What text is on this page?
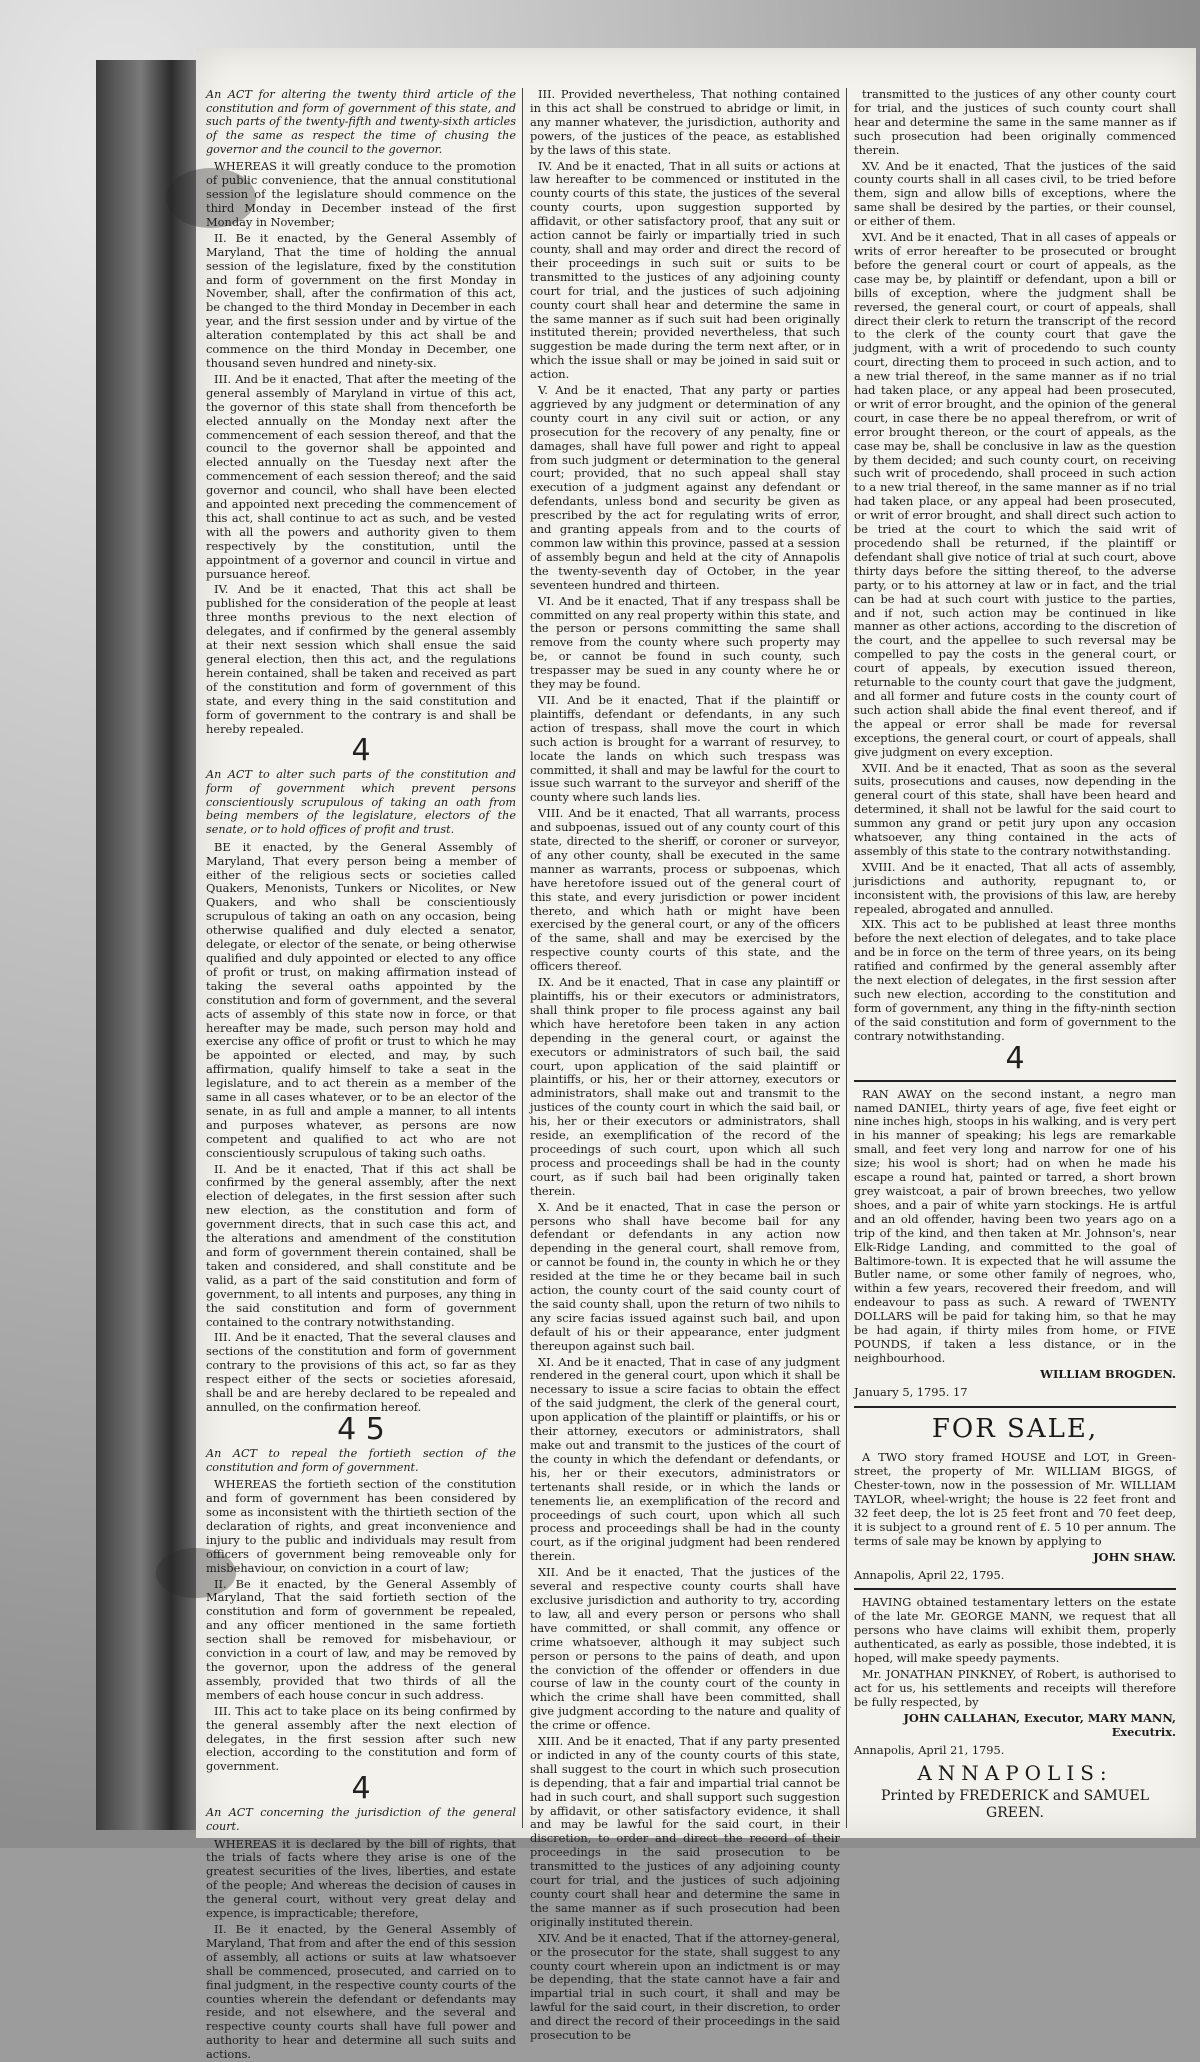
An ACT for altering the twenty third article of the constitution and form of government of this state, and such parts of the twenty-fifth and twenty-sixth articles of the same as respect the time of chusing the governor and the council to the governor.
WHEREAS it will greatly conduce to the promotion of public convenience, that the annual constitutional session of the legislature should commence on the third Monday in December instead of the first Monday in November;
II. Be it enacted, by the General Assembly of Maryland, That the time of holding the annual session of the legislature, fixed by the constitution and form of government on the first Monday in November, shall, after the confirmation of this act, be changed to the third Monday in December in each year, and the first session under and by virtue of the alteration contemplated by this act shall be and commence on the third Monday in December, one thousand seven hundred and ninety-six.
III. And be it enacted, That after the meeting of the general assembly of Maryland in virtue of this act, the governor of this state shall from thenceforth be elected annually on the Monday next after the commencement of each session thereof, and that the council to the governor shall be appointed and elected annually on the Tuesday next after the commencement of each session thereof; and the said governor and council, who shall have been elected and appointed next preceding the commencement of this act, shall continue to act as such, and be vested with all the powers and authority given to them respectively by the constitution, until the appointment of a governor and council in virtue and pursuance hereof.
IV. And be it enacted, That this act shall be published for the consideration of the people at least three months previous to the next election of delegates, and if confirmed by the general assembly at their next session which shall ensue the said general election, then this act, and the regulations herein contained, shall be taken and received as part of the constitution and form of government of this state, and every thing in the said constitution and form of government to the contrary is and shall be hereby repealed.
4
An ACT to alter such parts of the constitution and form of government which prevent persons conscientiously scrupulous of taking an oath from being members of the legislature, electors of the senate, or to hold offices of profit and trust.
BE it enacted, by the General Assembly of Maryland, That every person being a member of either of the religious sects or societies called Quakers, Menonists, Tunkers or Nicolites, or New Quakers, and who shall be conscientiously scrupulous of taking an oath on any occasion, being otherwise qualified and duly elected a senator, delegate, or elector of the senate, or being otherwise qualified and duly appointed or elected to any office of profit or trust, on making affirmation instead of taking the several oaths appointed by the constitution and form of government, and the several acts of assembly of this state now in force, or that hereafter may be made, such person may hold and exercise any office of profit or trust to which he may be appointed or elected, and may, by such affirmation, qualify himself to take a seat in the legislature, and to act therein as a member of the same in all cases whatever, or to be an elector of the senate, in as full and ample a manner, to all intents and purposes whatever, as persons are now competent and qualified to act who are not conscientiously scrupulous of taking such oaths.
II. And be it enacted, That if this act shall be confirmed by the general assembly, after the next election of delegates, in the first session after such new election, as the constitution and form of government directs, that in such case this act, and the alterations and amendment of the constitution and form of government therein contained, shall be taken and considered, and shall constitute and be valid, as a part of the said constitution and form of government, to all intents and purposes, any thing in the said constitution and form of government contained to the contrary notwithstanding.
III. And be it enacted, That the several clauses and sections of the constitution and form of government contrary to the provisions of this act, so far as they respect either of the sects or societies aforesaid, shall be and are hereby declared to be repealed and annulled, on the confirmation hereof.
4 5
An ACT to repeal the fortieth section of the constitution and form of government.
WHEREAS the fortieth section of the constitution and form of government has been considered by some as inconsistent with the thirtieth section of the declaration of rights, and great inconvenience and injury to the public and individuals may result from officers of government being removeable only for misbehaviour, on conviction in a court of law;
II. Be it enacted, by the General Assembly of Maryland, That the said fortieth section of the constitution and form of government be repealed, and any officer mentioned in the same fortieth section shall be removed for misbehaviour, or conviction in a court of law, and may be removed by the governor, upon the address of the general assembly, provided that two thirds of all the members of each house concur in such address.
III. This act to take place on its being confirmed by the general assembly after the next election of delegates, in the first session after such new election, according to the constitution and form of government.
4
An ACT concerning the jurisdiction of the general court.
WHEREAS it is declared by the bill of rights, that the trials of facts where they arise is one of the greatest securities of the lives, liberties, and estate of the people; And whereas the decision of causes in the general court, without very great delay and expence, is impracticable; therefore,
II. Be it enacted, by the General Assembly of Maryland, That from and after the end of this session of assembly, all actions or suits at law whatsoever shall be commenced, prosecuted, and carried on to final judgment, in the respective county courts of the counties wherein the defendant or defendants may reside, and not elsewhere, and the several and respective county courts shall have full power and authority to hear and determine all such suits and actions.
III. Provided nevertheless, That nothing contained in this act shall be construed to abridge or limit, in any manner whatever, the jurisdiction, authority and powers, of the justices of the peace, as established by the laws of this state.
IV. And be it enacted, That in all suits or actions at law hereafter to be commenced or instituted in the county courts of this state, the justices of the several county courts, upon suggestion supported by affidavit, or other satisfactory proof, that any suit or action cannot be fairly or impartially tried in such county, shall and may order and direct the record of their proceedings in such suit or suits to be transmitted to the justices of any adjoining county court for trial, and the justices of such adjoining county court shall hear and determine the same in the same manner as if such suit had been originally instituted therein; provided nevertheless, that such suggestion be made during the term next after, or in which the issue shall or may be joined in said suit or action.
V. And be it enacted, That any party or parties aggrieved by any judgment or determination of any county court in any civil suit or action, or any prosecution for the recovery of any penalty, fine or damages, shall have full power and right to appeal from such judgment or determination to the general court; provided, that no such appeal shall stay execution of a judgment against any defendant or defendants, unless bond and security be given as prescribed by the act for regulating writs of error, and granting appeals from and to the courts of common law within this province, passed at a session of assembly begun and held at the city of Annapolis the twenty-seventh day of October, in the year seventeen hundred and thirteen.
VI. And be it enacted, That if any trespass shall be committed on any real property within this state, and the person or persons committing the same shall remove from the county where such property may be, or cannot be found in such county, such trespasser may be sued in any county where he or they may be found.
VII. And be it enacted, That if the plaintiff or plaintiffs, defendant or defendants, in any such action of trespass, shall move the court in which such action is brought for a warrant of resurvey, to locate the lands on which such trespass was committed, it shall and may be lawful for the court to issue such warrant to the surveyor and sheriff of the county where such lands lies.
VIII. And be it enacted, That all warrants, process and subpoenas, issued out of any county court of this state, directed to the sheriff, or coroner or surveyor, of any other county, shall be executed in the same manner as warrants, process or subpoenas, which have heretofore issued out of the general court of this state, and every jurisdiction or power incident thereto, and which hath or might have been exercised by the general court, or any of the officers of the same, shall and may be exercised by the respective county courts of this state, and the officers thereof.
IX. And be it enacted, That in case any plaintiff or plaintiffs, his or their executors or administrators, shall think proper to file process against any bail which have heretofore been taken in any action depending in the general court, or against the executors or administrators of such bail, the said court, upon application of the said plaintiff or plaintiffs, or his, her or their attorney, executors or administrators, shall make out and transmit to the justices of the county court in which the said bail, or his, her or their executors or administrators, shall reside, an exemplification of the record of the proceedings of such court, upon which all such process and proceedings shall be had in the county court, as if such bail had been originally taken therein.
X. And be it enacted, That in case the person or persons who shall have become bail for any defendant or defendants in any action now depending in the general court, shall remove from, or cannot be found in, the county in which he or they resided at the time he or they became bail in such action, the county court of the said county court of the said county shall, upon the return of two nihils to any scire facias issued against such bail, and upon default of his or their appearance, enter judgment thereupon against such bail.
XI. And be it enacted, That in case of any judgment rendered in the general court, upon which it shall be necessary to issue a scire facias to obtain the effect of the said judgment, the clerk of the general court, upon application of the plaintiff or plaintiffs, or his or their attorney, executors or administrators, shall make out and transmit to the justices of the court of the county in which the defendant or defendants, or his, her or their executors, administrators or tertenants shall reside, or in which the lands or tenements lie, an exemplification of the record and proceedings of such court, upon which all such process and proceedings shall be had in the county court, as if the original judgment had been rendered therein.
XII. And be it enacted, That the justices of the several and respective county courts shall have exclusive jurisdiction and authority to try, according to law, all and every person or persons who shall have committed, or shall commit, any offence or crime whatsoever, although it may subject such person or persons to the pains of death, and upon the conviction of the offender or offenders in due course of law in the county court of the county in which the crime shall have been committed, shall give judgment according to the nature and quality of the crime or offence.
XIII. And be it enacted, That if any party presented or indicted in any of the county courts of this state, shall suggest to the court in which such prosecution is depending, that a fair and impartial trial cannot be had in such court, and shall support such suggestion by affidavit, or other satisfactory evidence, it shall and may be lawful for the said court, in their discretion, to order and direct the record of their proceedings in the said prosecution to be transmitted to the justices of any adjoining county court for trial, and the justices of such adjoining county court shall hear and determine the same in the same manner as if such prosecution had been originally instituted therein.
XIV. And be it enacted, That if the attorney-general, or the prosecutor for the state, shall suggest to any county court wherein upon an indictment is or may be depending, that the state cannot have a fair and impartial trial in such court, it shall and may be lawful for the said court, in their discretion, to order and direct the record of their proceedings in the said prosecution to be
transmitted to the justices of any other county court for trial, and the justices of such county court shall hear and determine the same in the same manner as if such prosecution had been originally commenced therein.
XV. And be it enacted, That the justices of the said county courts shall in all cases civil, to be tried before them, sign and allow bills of exceptions, where the same shall be desired by the parties, or their counsel, or either of them.
XVI. And be it enacted, That in all cases of appeals or writs of error hereafter to be prosecuted or brought before the general court or court of appeals, as the case may be, by plaintiff or defendant, upon a bill or bills of exception, where the judgment shall be reversed, the general court, or court of appeals, shall direct their clerk to return the transcript of the record to the clerk of the county court that gave the judgment, with a writ of procedendo to such county court, directing them to proceed in such action, and to a new trial thereof, in the same manner as if no trial had taken place, or any appeal had been prosecuted, or writ of error brought, and the opinion of the general court, in case there be no appeal therefrom, or writ of error brought thereon, or the court of appeals, as the case may be, shall be conclusive in law as the question by them decided; and such county court, on receiving such writ of procedendo, shall proceed in such action to a new trial thereof, in the same manner as if no trial had taken place, or any appeal had been prosecuted, or writ of error brought, and shall direct such action to be tried at the court to which the said writ of procedendo shall be returned, if the plaintiff or defendant shall give notice of trial at such court, above thirty days before the sitting thereof, to the adverse party, or to his attorney at law or in fact, and the trial can be had at such court with justice to the parties, and if not, such action may be continued in like manner as other actions, according to the discretion of the court, and the appellee to such reversal may be compelled to pay the costs in the general court, or court of appeals, by execution issued thereon, returnable to the county court that gave the judgment, and all former and future costs in the county court of such action shall abide the final event thereof, and if the appeal or error shall be made for reversal exceptions, the general court, or court of appeals, shall give judgment on every exception.
XVII. And be it enacted, That as soon as the several suits, prosecutions and causes, now depending in the general court of this state, shall have been heard and determined, it shall not be lawful for the said court to summon any grand or petit jury upon any occasion whatsoever, any thing contained in the acts of assembly of this state to the contrary notwithstanding.
XVIII. And be it enacted, That all acts of assembly, jurisdictions and authority, repugnant to, or inconsistent with, the provisions of this law, are hereby repealed, abrogated and annulled.
XIX. This act to be published at least three months before the next election of delegates, and to take place and be in force on the term of three years, on its being ratified and confirmed by the general assembly after the next election of delegates, in the first session after such new election, according to the constitution and form of government, any thing in the fifty-ninth section of the said constitution and form of government to the contrary notwithstanding.
4
RAN AWAY on the second instant, a negro man named DANIEL, thirty years of age, five feet eight or nine inches high, stoops in his walking, and is very pert in his manner of speaking; his legs are remarkable small, and feet very long and narrow for one of his size; his wool is short; had on when he made his escape a round hat, painted or tarred, a short brown grey waistcoat, a pair of brown breeches, two yellow shoes, and a pair of white yarn stockings. He is artful and an old offender, having been two years ago on a trip of the kind, and then taken at Mr. Johnson's, near Elk-Ridge Landing, and committed to the goal of Baltimore-town. It is expected that he will assume the Butler name, or some other family of negroes, who, within a few years, recovered their freedom, and will endeavour to pass as such. A reward of TWENTY DOLLARS will be paid for taking him, so that he may be had again, if thirty miles from home, or FIVE POUNDS, if taken a less distance, or in the neighbourhood.
WILLIAM BROGDEN.
January 5, 1795. 17
FOR SALE,
A TWO story framed HOUSE and LOT, in Green-street, the property of Mr. WILLIAM BIGGS, of Chester-town, now in the possession of Mr. WILLIAM TAYLOR, wheel-wright; the house is 22 feet front and 32 feet deep, the lot is 25 feet front and 70 feet deep, it is subject to a ground rent of £. 5 10 per annum. The terms of sale may be known by applying to
JOHN SHAW.
Annapolis, April 22, 1795.
HAVING obtained testamentary letters on the estate of the late Mr. GEORGE MANN, we request that all persons who have claims will exhibit them, properly authenticated, as early as possible, those indebted, it is hoped, will make speedy payments.
Mr. JONATHAN PINKNEY, of Robert, is authorised to act for us, his settlements and receipts will therefore be fully respected, by
JOHN CALLAHAN, Executor, MARY MANN, Executrix.
Annapolis, April 21, 1795.
ANNAPOLIS:
Printed by FREDERICK and SAMUEL GREEN.
